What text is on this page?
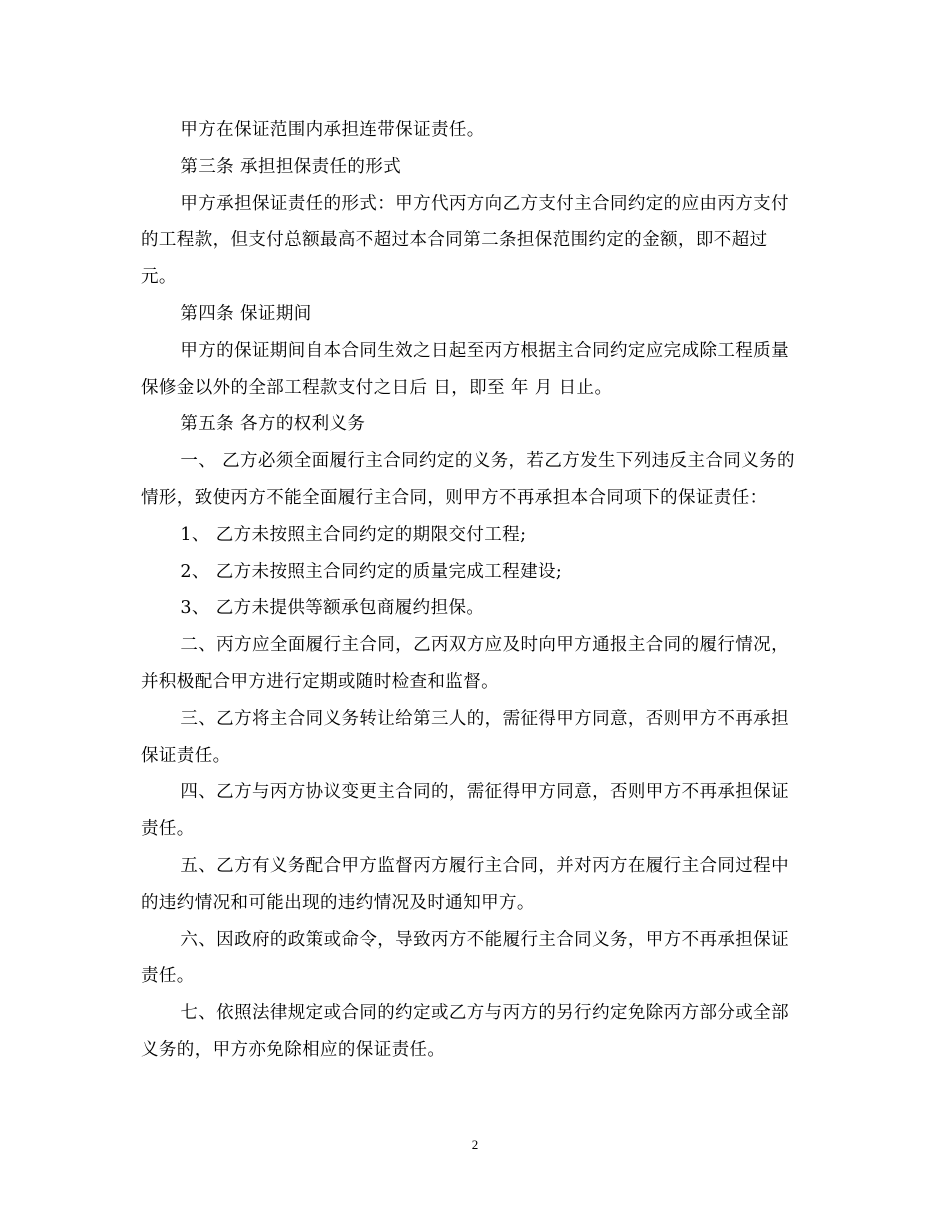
甲方在保证范围内承担连带保证责任。

第三条 承担担保责任的形式

甲方承担保证责任的形式：甲方代丙方向乙方支付主合同约定的应由丙方支付的工程款，但支付总额最高不超过本合同第二条担保范围约定的金额，即不超过 元。

第四条 保证期间

甲方的保证期间自本合同生效之日起至丙方根据主合同约定应完成除工程质量保修金以外的全部工程款支付之日后 日，即至 年 月 日止。

第五条 各方的权利义务

一、 乙方必须全面履行主合同约定的义务，若乙方发生下列违反主合同义务的情形，致使丙方不能全面履行主合同，则甲方不再承担本合同项下的保证责任：

1、 乙方未按照主合同约定的期限交付工程;

2、 乙方未按照主合同约定的质量完成工程建设;

3、 乙方未提供等额承包商履约担保。

二、丙方应全面履行主合同，乙丙双方应及时向甲方通报主合同的履行情况，并积极配合甲方进行定期或随时检查和监督。

三、乙方将主合同义务转让给第三人的，需征得甲方同意，否则甲方不再承担保证责任。

四、乙方与丙方协议变更主合同的，需征得甲方同意，否则甲方不再承担保证责任。

五、乙方有义务配合甲方监督丙方履行主合同，并对丙方在履行主合同过程中的违约情况和可能出现的违约情况及时通知甲方。

六、因政府的政策或命令，导致丙方不能履行主合同义务，甲方不再承担保证责任。

七、依照法律规定或合同的约定或乙方与丙方的另行约定免除丙方部分或全部义务的，甲方亦免除相应的保证责任。

2
